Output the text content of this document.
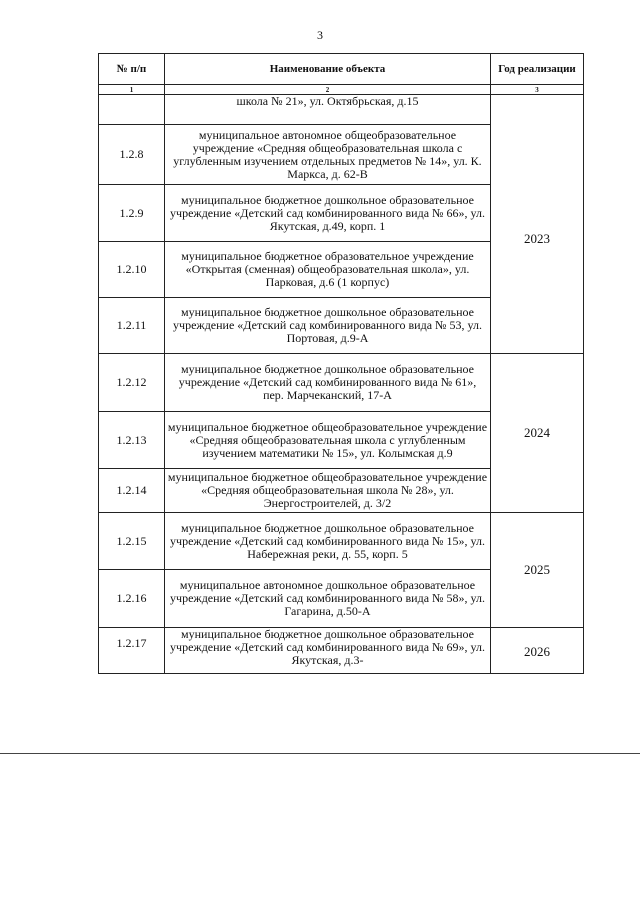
3
№ п/п	Наименование объекта	Год реализации
1	2	3
	школа № 21», ул. Октябрьская, д.15	
1.2.8	муниципальное автономное общеобразовательное учреждение «Средняя общеобразовательная школа с углубленным изучением отдельных предметов № 14», ул. К. Маркса, д. 62-В	2023
1.2.9	муниципальное бюджетное дошкольное образовательное учреждение «Детский сад комбинированного вида № 66», ул. Якутская, д.49, корп. 1	
1.2.10	муниципальное бюджетное образовательное учреждение «Открытая (сменная) общеобразовательная школа», ул. Парковая, д.6 (1 корпус)	
1.2.11	муниципальное бюджетное дошкольное образовательное учреждение «Детский сад комбинированного вида № 53, ул. Портовая, д.9-А	
1.2.12	муниципальное бюджетное дошкольное образовательное учреждение «Детский сад комбинированного вида № 61», пер. Марчеканский, 17-А	2024
1.2.13	муниципальное бюджетное общеобразовательное учреждение «Средняя общеобразовательная школа с углубленным изучением математики № 15», ул. Колымская д.9	
1.2.14	муниципальное бюджетное общеобразовательное учреждение «Средняя общеобразовательная школа № 28», ул. Энергостроителей, д. 3/2	
1.2.15	муниципальное бюджетное дошкольное образовательное учреждение «Детский сад комбинированного вида № 15», ул. Набережная реки, д. 55, корп. 5	2025
1.2.16	муниципальное автономное дошкольное образовательное учреждение «Детский сад комбинированного вида № 58», ул. Гагарина, д.50-А	
1.2.17	муниципальное бюджетное дошкольное образовательное учреждение «Детский сад комбинированного вида № 69», ул. Якутская, д.3-	2026
